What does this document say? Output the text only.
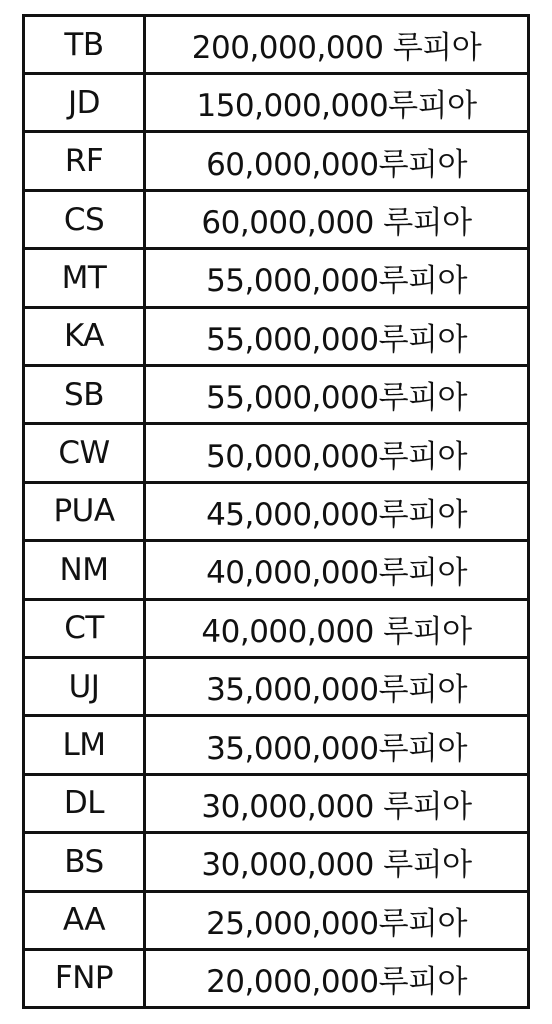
TB	200,000,000 루피아
JD	150,000,000루피아
RF	60,000,000루피아
CS	60,000,000 루피아
MT	55,000,000루피아
KA	55,000,000루피아
SB	55,000,000루피아
CW	50,000,000루피아
PUA	45,000,000루피아
NM	40,000,000루피아
CT	40,000,000 루피아
UJ	35,000,000루피아
LM	35,000,000루피아
DL	30,000,000 루피아
BS	30,000,000 루피아
AA	25,000,000루피아
FNP	20,000,000루피아
